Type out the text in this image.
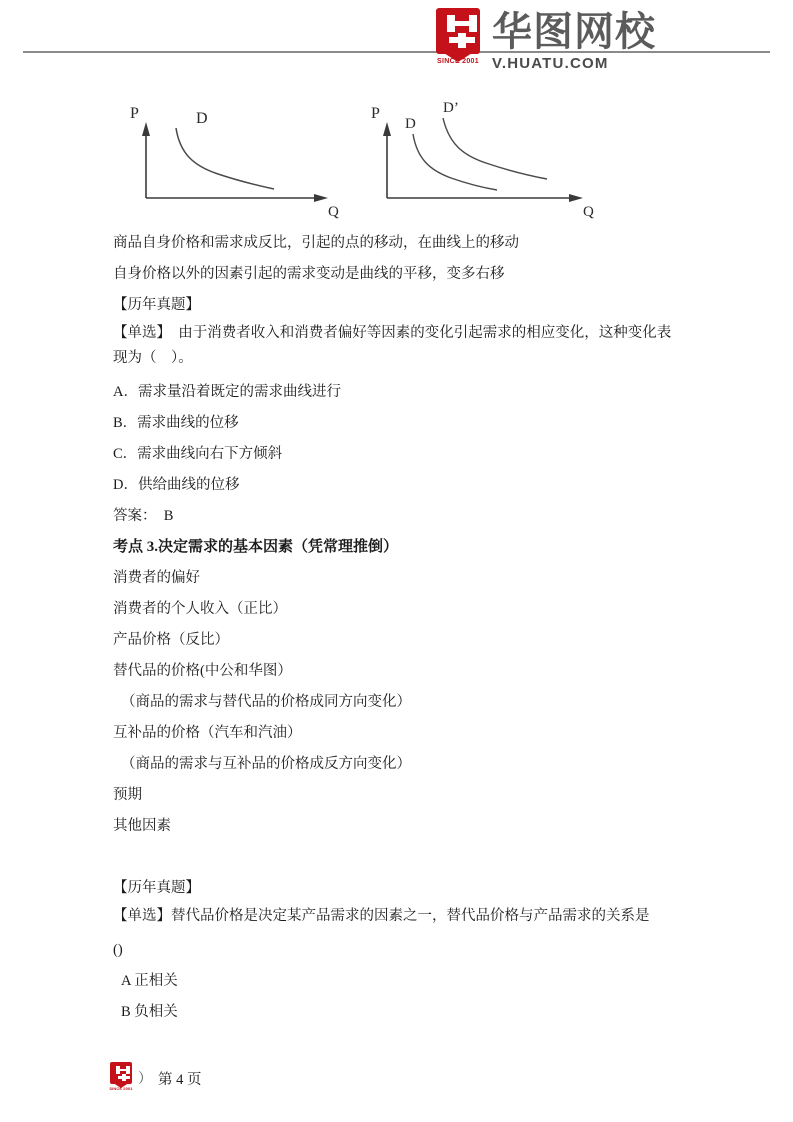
SINCE 2001
华图网校
V.HUATU.COM
P	D
Q
P
D
D’
Q
商品自身价格和需求成反比，引起的点的移动，在曲线上的移动
自身价格以外的因素引起的需求变动是曲线的平移，变多右移
【历年真题】
【单选】  由于消费者收入和消费者偏好等因素的变化引起需求的相应变化，这种变化表现为（    ）。
A．需求量沿着既定的需求曲线进行
B．需求曲线的位移
C．需求曲线向右下方倾斜
D．供给曲线的位移
答案：  B
考点 3.决定需求的基本因素（凭常理推倒）
消费者的偏好
消费者的个人收入（正比）
产品价格（反比）
替代品的价格(中公和华图）
（商品的需求与替代品的价格成同方向变化）
互补品的价格（汽车和汽油）
（商品的需求与互补品的价格成反方向变化）
预期
其他因素
【历年真题】
【单选】替代品价格是决定某产品需求的因素之一，替代品价格与产品需求的关系是
()
A 正相关
B 负相关
SINCE 2001
） 第 4 页
